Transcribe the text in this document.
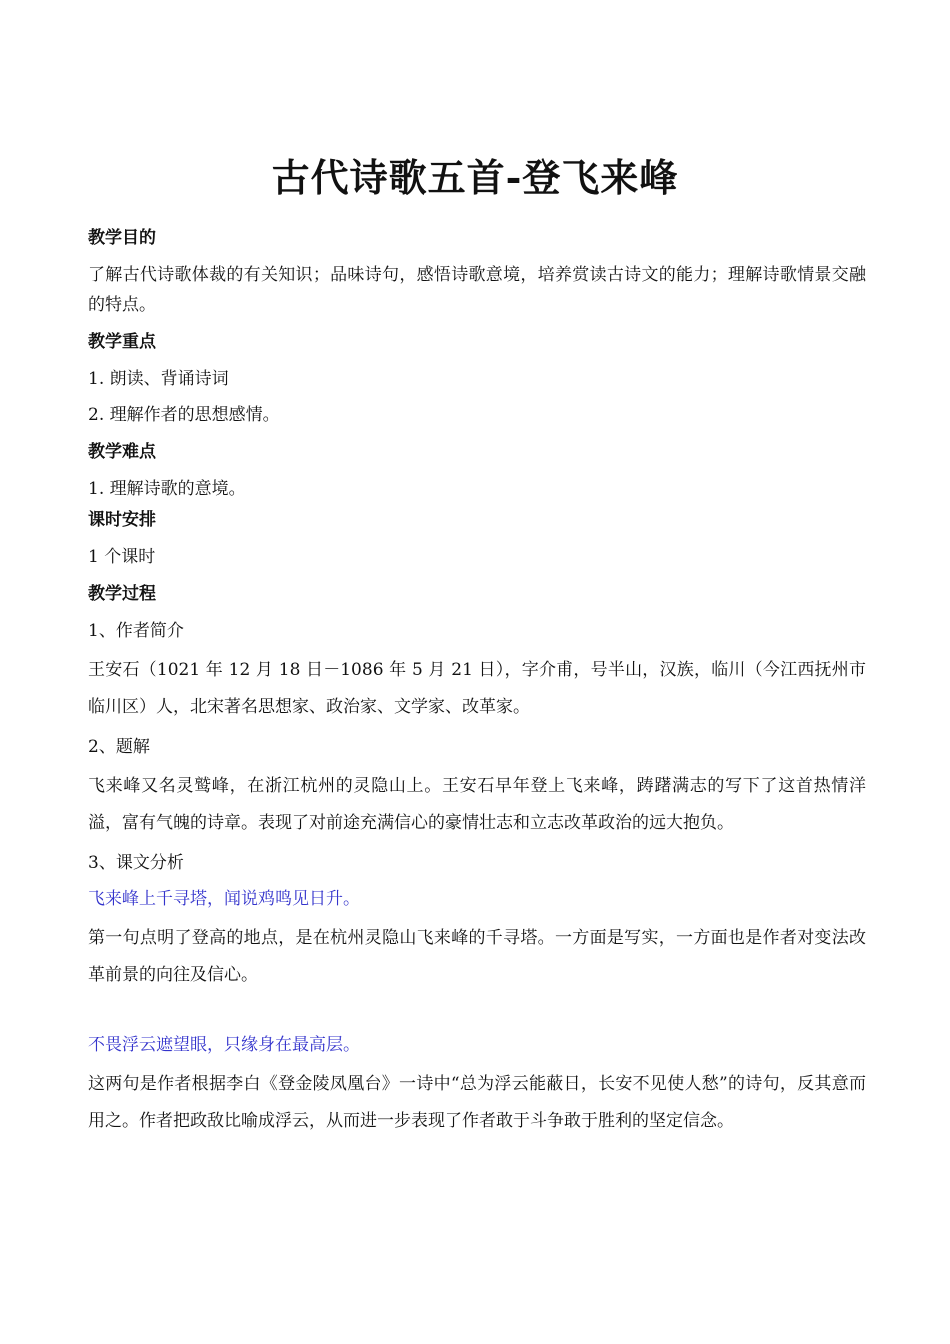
古代诗歌五首-登飞来峰

教学目的

了解古代诗歌体裁的有关知识；品味诗句，感悟诗歌意境，培养赏读古诗文的能力；理解诗歌情景交融的特点。

教学重点

1. 朗读、背诵诗词

2. 理解作者的思想感情。

教学难点

1. 理解诗歌的意境。

课时安排

1 个课时

教学过程

1、作者简介

王安石（1021 年 12 月 18 日－1086 年 5 月 21 日），字介甫，号半山，汉族，临川（今江西抚州市临川区）人，北宋著名思想家、政治家、文学家、改革家。

2、题解

飞来峰又名灵鹫峰，在浙江杭州的灵隐山上。王安石早年登上飞来峰，踌躇满志的写下了这首热情洋溢，富有气魄的诗章。表现了对前途充满信心的豪情壮志和立志改革政治的远大抱负。

3、课文分析

飞来峰上千寻塔，闻说鸡鸣见日升。

第一句点明了登高的地点，是在杭州灵隐山飞来峰的千寻塔。一方面是写实，一方面也是作者对变法改革前景的向往及信心。

不畏浮云遮望眼，只缘身在最高层。

这两句是作者根据李白《登金陵凤凰台》一诗中“总为浮云能蔽日，长安不见使人愁”的诗句，反其意而用之。作者把政敌比喻成浮云，从而进一步表现了作者敢于斗争敢于胜利的坚定信念。
